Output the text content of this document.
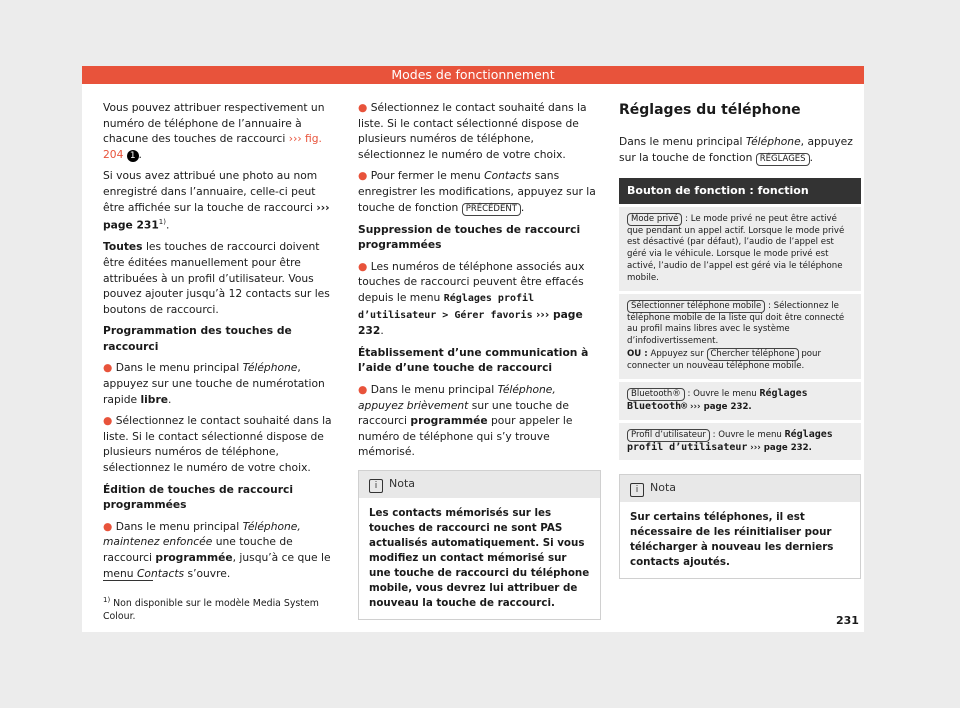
Modes de fonctionnement

Vous pouvez attribuer respectivement un numéro de téléphone de l’annuaire à chacune des touches de raccourci ››› fig. 204 1 .

Si vous avez attribué une photo au nom enregistré dans l’annuaire, celle-ci peut être affichée sur la touche de raccourci ››› page 231$^{1)}$.

Toutes les touches de raccourci doivent être éditées manuellement pour être attribuées à un profil d’utilisateur. Vous pouvez ajouter jusqu’à 12 contacts sur les boutons de raccourci.

Programmation des touches de raccourci

● Dans le menu principal Téléphone, appuyez sur une touche de numérotation rapide libre.

● Sélectionnez le contact souhaité dans la liste. Si le contact sélectionné dispose de plusieurs numéros de téléphone, sélectionnez le numéro de votre choix.

Édition de touches de raccourci programmées

● Dans le menu principal Téléphone, maintenez enfoncée une touche de raccourci programmée, jusqu’à ce que le menu Contacts s’ouvre.

● Sélectionnez le contact souhaité dans la liste. Si le contact sélectionné dispose de plusieurs numéros de téléphone, sélectionnez le numéro de votre choix.

● Pour fermer le menu Contacts sans enregistrer les modifications, appuyez sur la touche de fonction PRÉCÉDENT .

Suppression de touches de raccourci programmées

● Les numéros de téléphone associés aux touches de raccourci peuvent être effacés depuis le menu Réglages profil d’utilisateur > Gérer favoris ››› page 232.

Établissement d’une communication à l’aide d’une touche de raccourci

● Dans le menu principal Téléphone, appuyez brièvement sur une touche de raccourci programmée pour appeler le numéro de téléphone qui s’y trouve mémorisé.

i Nota
Les contacts mémorisés sur les touches de raccourci ne sont PAS actualisés automatiquement. Si vous modifiez un contact mémorisé sur une touche de raccourci du téléphone mobile, vous devrez lui attribuer de nouveau la touche de raccourci.
Réglages du téléphone

Dans le menu principal Téléphone, appuyez sur la touche de fonction RÉGLAGES .

Bouton de fonction : fonction
Mode privé : Le mode privé ne peut être activé que pendant un appel actif. Lorsque le mode privé est désactivé (par défaut), l’audio de l’appel est géré via le véhicule. Lorsque le mode privé est activé, l’audio de l’appel est géré via le téléphone mobile.
Sélectionner téléphone mobile : Sélectionnez le téléphone mobile de la liste qui doit être connecté au profil mains libres avec le système d’infodivertissement.
OU : Appuyez sur Chercher téléphone pour connecter un nouveau téléphone mobile.
Bluetooth® : Ouvre le menu Réglages Bluetooth® ››› page 232.
Profil d’utilisateur : Ouvre le menu Réglages profil d’utilisateur ››› page 232.
i Nota
Sur certains téléphones, il est nécessaire de les réinitialiser pour télécharger à nouveau les derniers contacts ajoutés.
$^{1)}$ Non disponible sur le modèle Media System Colour.	231
